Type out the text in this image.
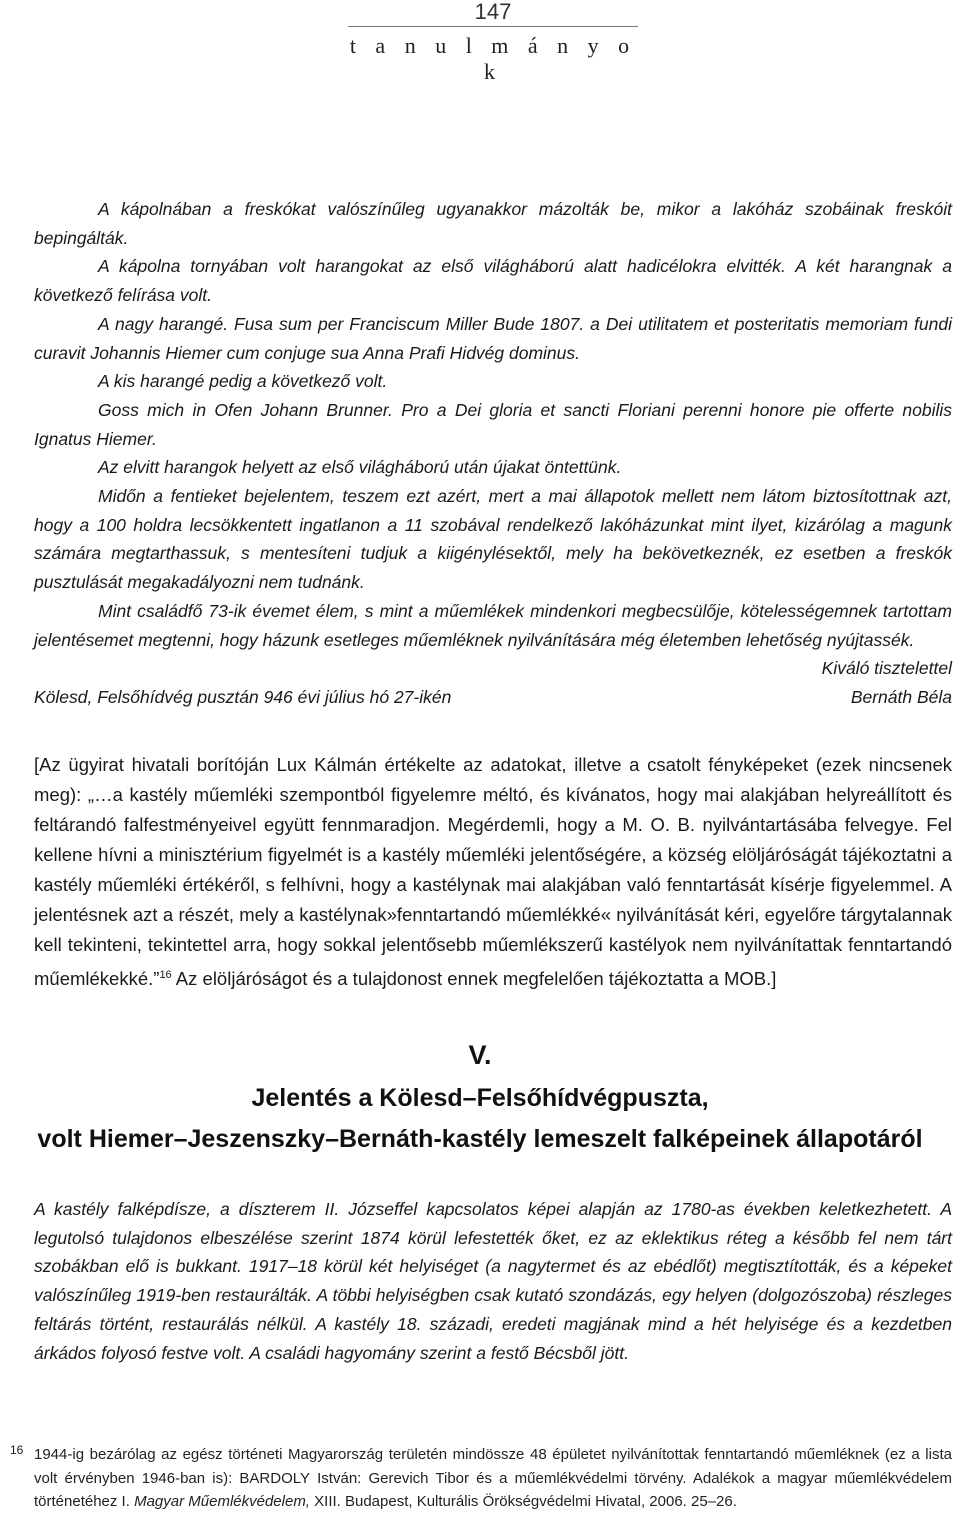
147
t a n u l m á n y o k

A kápolnában a freskókat valószínűleg ugyanakkor mázolták be, mikor a lakóház szobáinak freskóit bepingálták.

A kápolna tornyában volt harangokat az első világháború alatt hadicélokra elvitték. A két harangnak a következő felírása volt.

A nagy harangé. Fusa sum per Franciscum Miller Bude 1807. a Dei utilitatem et posteritatis memoriam fundi curavit Johannis Hiemer cum conjuge sua Anna Prafi Hidvég dominus.

A kis harangé pedig a következő volt.

Goss mich in Ofen Johann Brunner. Pro a Dei gloria et sancti Floriani perenni honore pie offerte nobilis Ignatus Hiemer.

Az elvitt harangok helyett az első világháború után újakat öntettünk.

Midőn a fentieket bejelentem, teszem ezt azért, mert a mai állapotok mellett nem látom biztosítottnak azt, hogy a 100 holdra lecsökkentett ingatlanon a 11 szobával rendelkező lakóházunkat mint ilyet, kizárólag a magunk számára megtarthassuk, s mentesíteni tudjuk a kiigénylésektől, mely ha bekövetkeznék, ez esetben a freskók pusztulását megakadályozni nem tudnánk.

Mint családfő 73-ik évemet élem, s mint a műemlékek mindenkori megbecsülője, kötelességemnek tartottam jelentésemet megtenni, hogy házunk esetleges műemléknek nyilvánítására még életemben lehetőség nyújtassék.

Kiváló tisztelettel

Kölesd, Felsőhídvég pusztán 946 évi július hó 27-ikén	Bernáth Béla

[Az ügyirat hivatali borítóján Lux Kálmán értékelte az adatokat, illetve a csatolt fényképeket (ezek nincsenek meg): „…a kastély műemléki szempontból figyelemre méltó, és kívánatos, hogy mai alakjában helyreállított és feltárandó falfestményeivel együtt fennmaradjon. Megérdemli, hogy a M. O. B. nyilvántartásába felvegye. Fel kellene hívni a minisztérium figyelmét is a kastély műemléki jelentőségére, a község elöljáróságát tájékoztatni a kastély műemléki értékéről, s felhívni, hogy a kastélynak mai alakjában való fenntartását kísérje figyelemmel. A jelentésnek azt a részét, mely a kastélynak»fenntartandó műemlékké« nyilvánítását kéri, egyelőre tárgytalannak kell tekinteni, tekintettel arra, hogy sokkal jelentősebb műemlékszerű kastélyok nem nyilvánítattak fenntartandó műemlékekké.”$^{16}$ Az elöljáróságot és a tulajdonost ennek megfelelően tájékoztatta a MOB.]

V.
Jelentés a Kölesd–Felsőhídvégpuszta,
volt Hiemer–Jeszenszky–Bernáth-kastély lemeszelt falképeinek állapotáról

A kastély falképdísze, a díszterem II. Józseffel kapcsolatos képei alapján az 1780-as években keletkezhetett. A legutolsó tulajdonos elbeszélése szerint 1874 körül lefestették őket, ez az eklektikus réteg a később fel nem tárt szobákban elő is bukkant. 1917–18 körül két helyiséget (a nagytermet és az ebédlőt) megtisztították, és a képeket valószínűleg 1919-ben restaurálták. A többi helyiségben csak kutató szondázás, egy helyen (dolgozószoba) részleges feltárás történt, restaurálás nélkül. A kastély 18. századi, eredeti magjának mind a hét helyisége és a kezdetben árkádos folyosó festve volt. A családi hagyomány szerint a festő Bécsből jött.

16 1944-ig bezárólag az egész történeti Magyarország területén mindössze 48 épületet nyilvánítottak fenntartandó műemléknek (ez a lista volt érvényben 1946-ban is): BARDOLY István: Gerevich Tibor és a műemlékvédelmi törvény. Adalékok a magyar műemlékvédelem történetéhez I. Magyar Műemlékvédelem, XIII. Budapest, Kulturális Örökségvédelmi Hivatal, 2006. 25–26.
